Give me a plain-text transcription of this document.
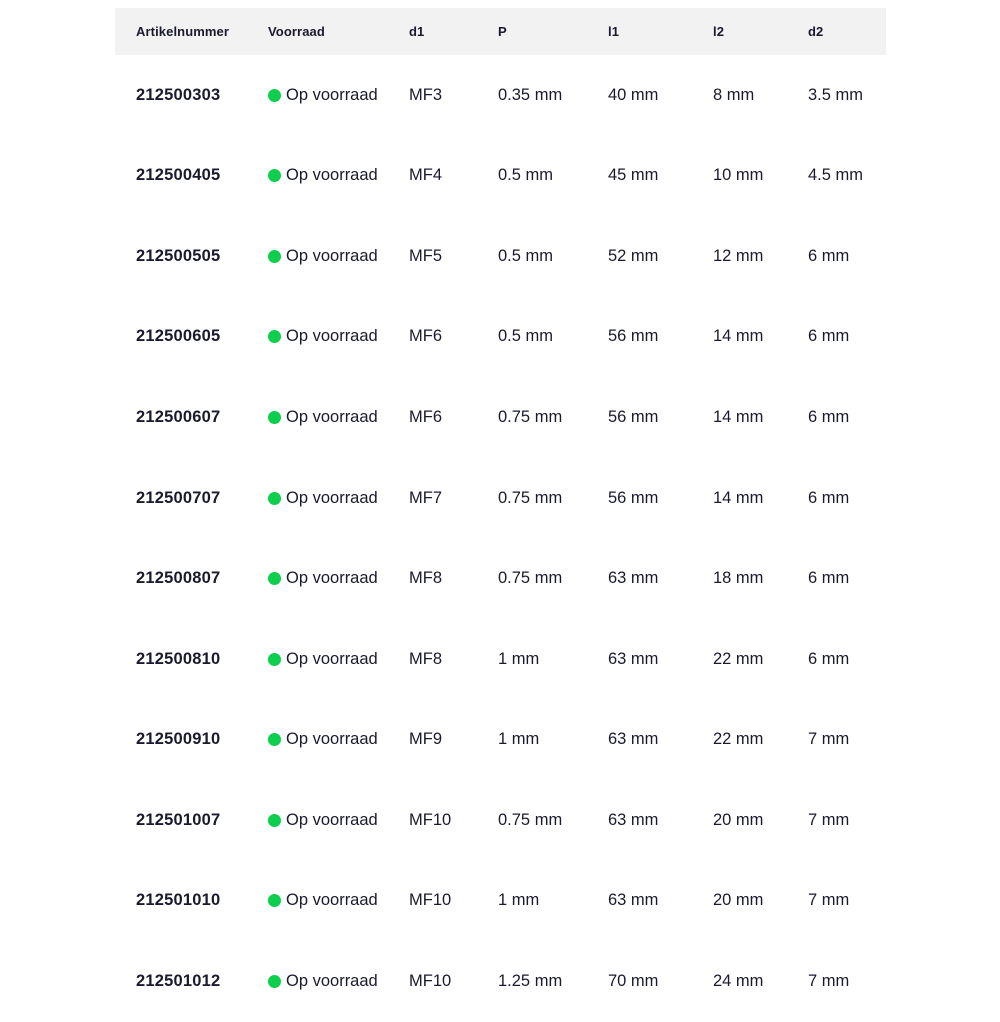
Artikelnummer	Voorraad	d1	P	l1	l2	d2
212500303	Op voorraad MF3	0.35 mm	40 mm	8 mm	3.5 mm
212500405	Op voorraad MF4	0.5 mm	45 mm	10 mm	4.5 mm
212500505	Op voorraad MF5	0.5 mm	52 mm	12 mm	6 mm
212500605	Op voorraad MF6	0.5 mm	56 mm	14 mm	6 mm
212500607	Op voorraad MF6	0.75 mm	56 mm	14 mm	6 mm
212500707	Op voorraad MF7	0.75 mm	56 mm	14 mm	6 mm
212500807	Op voorraad MF8	0.75 mm	63 mm	18 mm	6 mm
212500810	Op voorraad MF8	1 mm	63 mm	22 mm	6 mm
212500910	Op voorraad MF9	1 mm	63 mm	22 mm	7 mm
212501007	Op voorraad MF10	0.75 mm	63 mm	20 mm	7 mm
212501010	Op voorraad MF10	1 mm	63 mm	20 mm	7 mm
212501012	Op voorraad MF10	1.25 mm	70 mm	24 mm	7 mm
